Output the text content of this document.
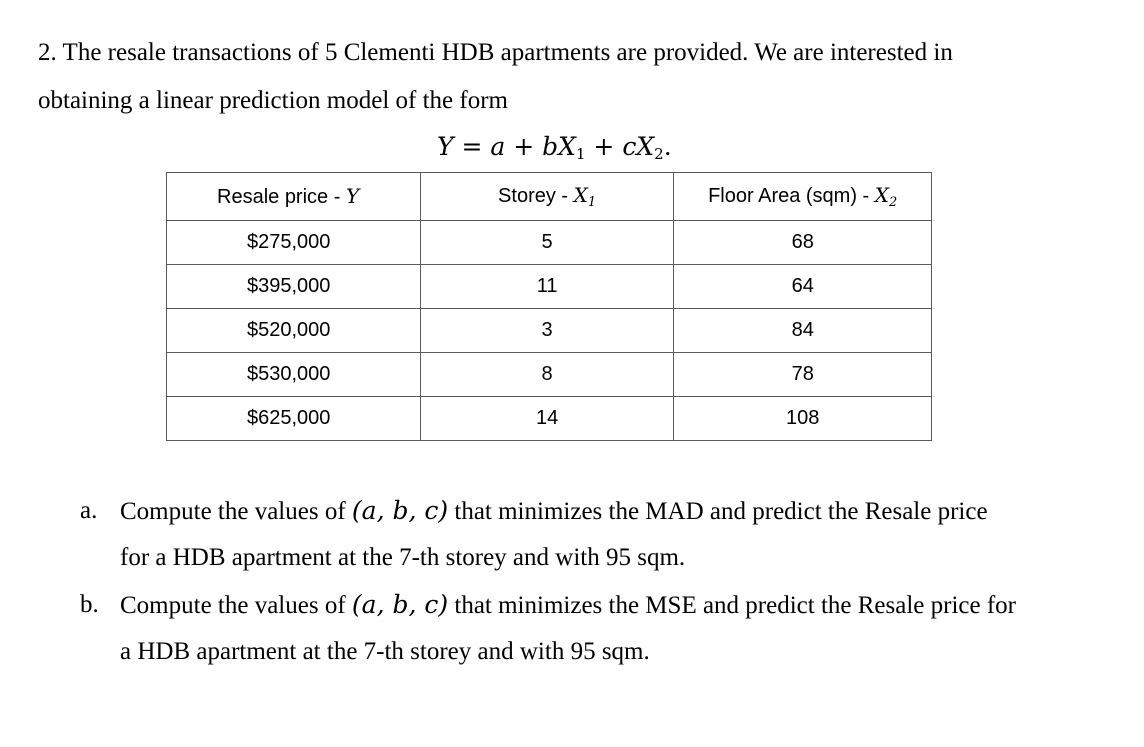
2. The resale transactions of 5 Clementi HDB apartments are provided. We are interested in
obtaining a linear prediction model of the form
$Y = a + bX_1 + cX_2$.
Resale price - Y	Storey - $X_1$	Floor Area $(sqm) - X_2$
$275,000	5	68
$395,000	11	64
$520,000	3	84
$530,000	8	78
$625,000	14	108
a. Compute the values of (a, b, c) that minimizes the MAD and predict the Resale price
for a HDB apartment at the 7-th storey and with 95 sqm.
b. Compute the values of (a, b, c) that minimizes the MSE and predict the Resale price for
a HDB apartment at the 7-th storey and with 95 sqm.
